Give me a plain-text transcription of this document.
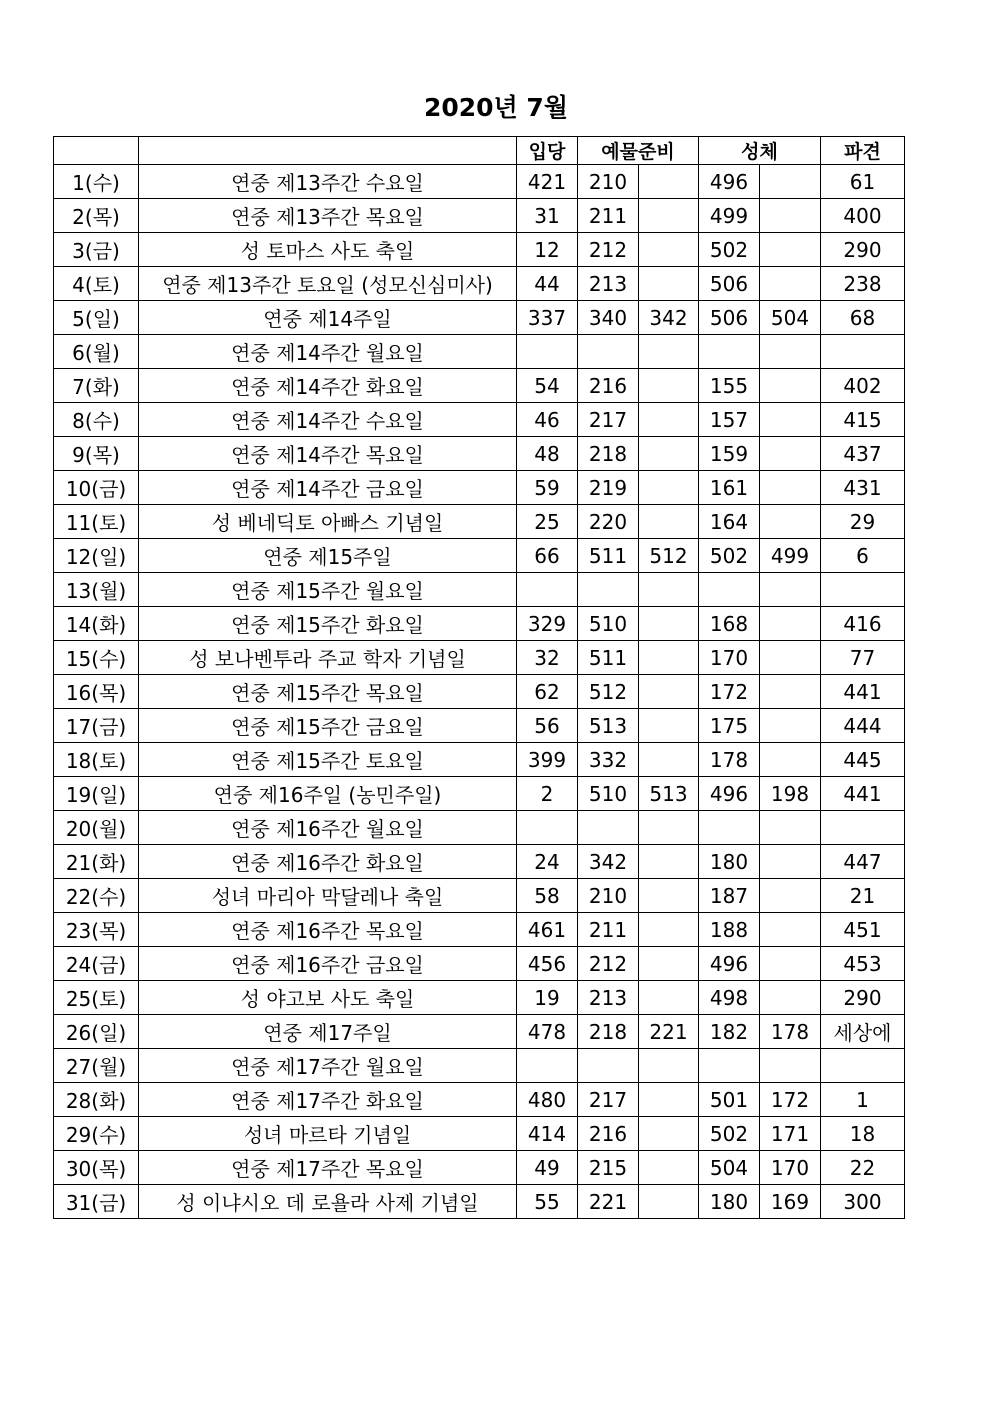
2020년 7월
		입당	예물준비		성체		파견
1(수)	연중 제13주간 수요일	421	210		496		61
2(목)	연중 제13주간 목요일	31	211		499		400
3(금)	성 토마스 사도 축일	12	212		502		290
4(토)	연중 제13주간 토요일 (성모신심미사)	44	213		506		238
5(일)	연중 제14주일	337	340	342	506	504	68
6(월)	연중 제14주간 월요일						
7(화)	연중 제14주간 화요일	54	216		155		402
8(수)	연중 제14주간 수요일	46	217		157		415
9(목)	연중 제14주간 목요일	48	218		159		437
10(금)	연중 제14주간 금요일	59	219		161		431
11(토)	성 베네딕토 아빠스 기념일	25	220		164		29
12(일)	연중 제15주일	66	511	512	502	499	6
13(월)	연중 제15주간 월요일						
14(화)	연중 제15주간 화요일	329	510		168		416
15(수)	성 보나벤투라 주교 학자 기념일	32	511		170		77
16(목)	연중 제15주간 목요일	62	512		172		441
17(금)	연중 제15주간 금요일	56	513		175		444
18(토)	연중 제15주간 토요일	399	332		178		445
19(일)	연중 제16주일 (농민주일)	2	510	513	496	198	441
20(월)	연중 제16주간 월요일						
21(화)	연중 제16주간 화요일	24	342		180		447
22(수)	성녀 마리아 막달레나 축일	58	210		187		21
23(목)	연중 제16주간 목요일	461	211		188		451
24(금)	연중 제16주간 금요일	456	212		496		453
25(토)	성 야고보 사도 축일	19	213		498		290
26(일)	연중 제17주일	478	218	221	182	178	세상에
27(월)	연중 제17주간 월요일						
28(화)	연중 제17주간 화요일	480	217		501	172	1
29(수)	성녀 마르타 기념일	414	216		502	171	18
30(목)	연중 제17주간 목요일	49	215		504	170	22
31(금)	성 이냐시오 데 로욜라 사제 기념일	55	221		180	169	300
